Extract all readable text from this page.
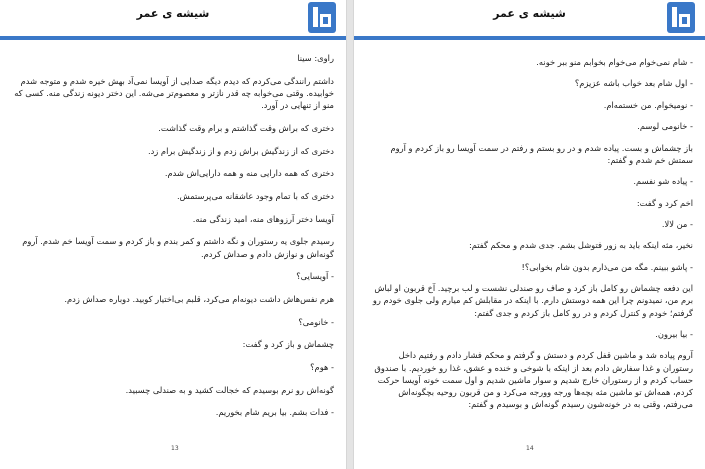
شیشه ی عمر

راوی: سینا

داشتم رانندگی می‌کردم که دیدم دیگه صدایی از آویسا نمی‌آد بهش خیره شدم و متوجه شدم خوابیده. وقتی می‌خوابه چه قدر نازتر و معصوم‌تر می‌شه. این دختر دیونه زندگی منه. کسی که منو از تنهایی در آورد.

دختری که براش وقت گذاشتم و برام وقت گذاشت.

دختری که از زندگیش براش زدم و از زندگیش برام زد.

دختری که همه دارایی منه و همه دارایی‌اش شدم.

دختری که با تمام وجود عاشقانه می‌پرستمش.

آویسا دختر آرزوهای منه، امید زندگی منه.

رسیدم جلوی یه رستوران و نگه داشتم و کمر بندم و باز کردم و سمت آویسا خم شدم. آروم گونه‌اش و نوازش دادم و صداش کردم.

- آویسایی؟

هرم نفس‌هاش داشت دیونه‌ام می‌کرد، قلبم بی‌اختیار کوبید. دوباره صداش زدم.

- خانومی؟

چشماش و باز کرد و گفت:

- هوم؟

گونه‌اش رو نرم بوسیدم که خجالت کشید و به صندلی چسبید.

- فدات بشم. بیا بریم شام بخوریم.

13
شیشه ی عمر

- شام نمی‌خوام می‌خوام بخوابم منو ببر خونه.

- اول شام بعد خواب باشه عزیزم؟

- نومیخوام. من خستمه‌ام.

- خانومی لوسم.

باز چشماش و بست. پیاده شدم و در رو بستم و رفتم در سمت آویسا رو باز کردم و آروم سمتش خم شدم و گفتم:

- پیاده شو نفسم.

اخم کرد و گفت:

- من لالا.

نخیر، مثه اینکه باید به زور فتوشل بشم. جدی شدم و محکم گفتم:

- پاشو ببینم. مگه من می‌ذارم بدون شام بخوابی؟!

این دفعه چشماش رو کامل باز کرد و صاف رو صندلی نشست و لب برچید. آخ قربون او لباش برم من، نمیدونم چرا این همه دوستش دارم. با اینکه در مقابلش کم میارم ولی جلوی خودم رو گرفتم؛ خودم و کنترل کردم و در رو کامل باز کردم و جدی گفتم:

- بیا بیرون.

آروم پیاده شد و ماشین قفل کردم و دستش و گرفتم و محکم فشار دادم و رفتیم داخل رستوران و غذا سفارش دادم بعد از اینکه با شوخی و خنده و عشق، غذا رو خوردیم. با صندوق حساب کردم و از رستوران خارج شدیم و سوار ماشین شدیم و اول سمت خونه آویسا حرکت کردم، همه‌اش تو ماشین مثه بچه‌ها ورجه وورجه می‌کرد و من قربون روحیه بچگونه‌اش می‌رفتم، وقتی به در خونه‌شون رسیدم گونه‌اش و بوسیدم و گفتم:

14
